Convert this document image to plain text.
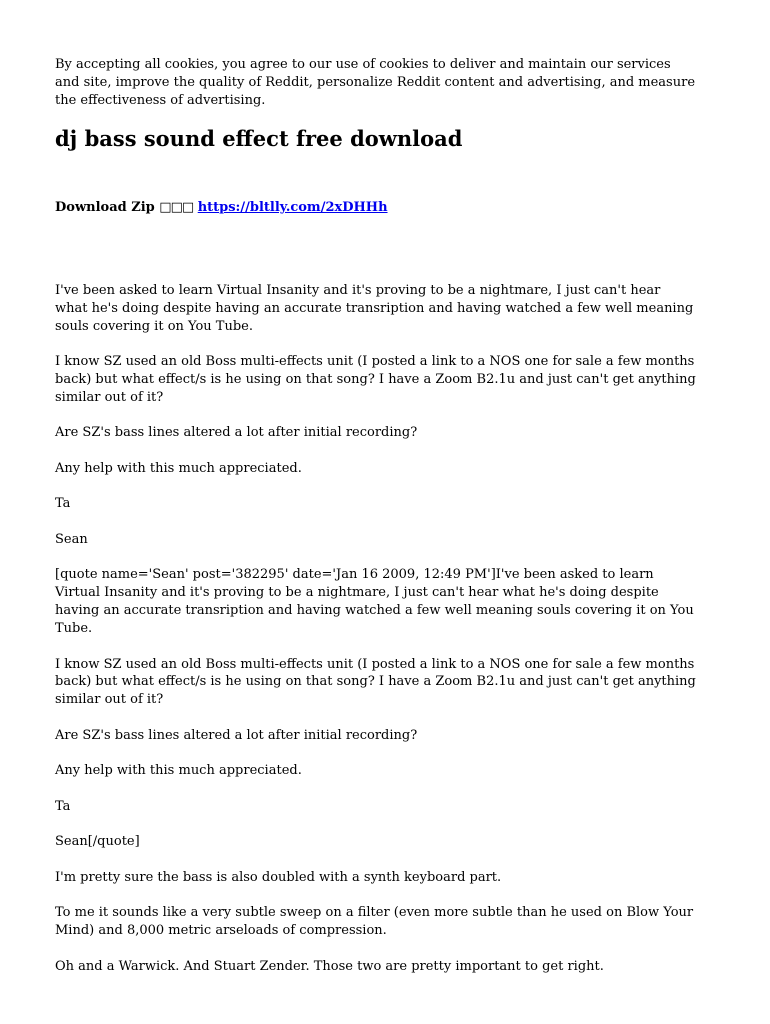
By accepting all cookies, you agree to our use of cookies to deliver and maintain our services and site, improve the quality of Reddit, personalize Reddit content and advertising, and measure the effectiveness of advertising.

dj bass sound effect free download
Download Zip □□□ https://bltlly.com/2xDHHh

I've been asked to learn Virtual Insanity and it's proving to be a nightmare, I just can't hear what he's doing despite having an accurate transription and having watched a few well meaning souls covering it on You Tube.

I know SZ used an old Boss multi-effects unit (I posted a link to a NOS one for sale a few months back) but what effect/s is he using on that song? I have a Zoom B2.1u and just can't get anything similar out of it?

Are SZ's bass lines altered a lot after initial recording?

Any help with this much appreciated.

Ta

Sean

[quote name='Sean' post='382295' date='Jan 16 2009, 12:49 PM']I've been asked to learn Virtual Insanity and it's proving to be a nightmare, I just can't hear what he's doing despite having an accurate transription and having watched a few well meaning souls covering it on You Tube.

I know SZ used an old Boss multi-effects unit (I posted a link to a NOS one for sale a few months back) but what effect/s is he using on that song? I have a Zoom B2.1u and just can't get anything similar out of it?

Are SZ's bass lines altered a lot after initial recording?

Any help with this much appreciated.

Ta

Sean[/quote]

I'm pretty sure the bass is also doubled with a synth keyboard part.

To me it sounds like a very subtle sweep on a filter (even more subtle than he used on Blow Your Mind) and 8,000 metric arseloads of compression.

Oh and a Warwick. And Stuart Zender. Those two are pretty important to get right.
